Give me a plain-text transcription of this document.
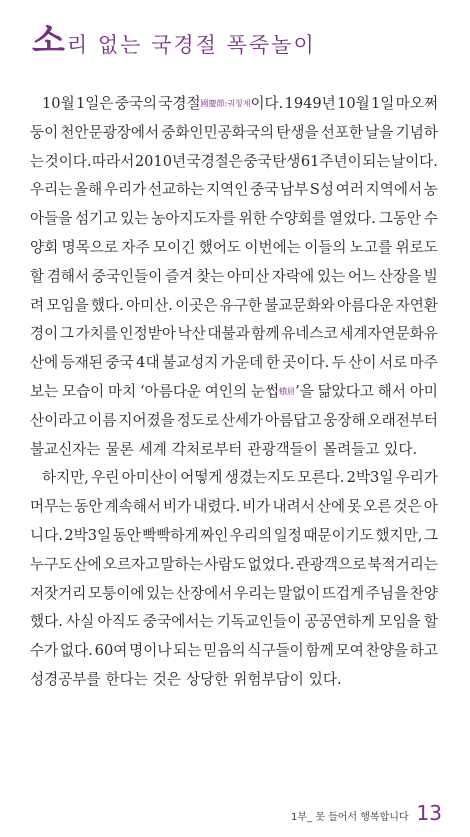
소 리 없는 국경절 폭죽놀이
10월 1일은 중국의 국경절$^{國慶節:궈칭제}$이다. 1949년 10월 1일 마오쩌
둥이 천안문광장에서 중화인민공화국의 탄생을 선포한 날을 기념하
는 것이다. 따라서 2010년 국경절은 중국 탄생 61주년이 되는 날이다.
우리는 올해 우리가 선교하는 지역인 중국 남부 S성 여러 지역에서 농
아들을 섬기고 있는 농아지도자를 위한 수양회를 열었다. 그동안 수
양회 명목으로 자주 모이긴 했어도 이번에는 이들의 노고를 위로도
할 겸해서 중국인들이 즐겨 찾는 아미산 자락에 있는 어느 산장을 빌
려 모임을 했다. 아미산. 이곳은 유구한 불교문화와 아름다운 자연환
경이 그 가치를 인정받아 낙산 대불과 함께 유네스코 세계자연문화유
산에 등재된 중국 4대 불교성지 가운데 한 곳이다. 두 산이 서로 마주
보는 모습이 마치 ‘아름다운 여인의 눈썹$^{蛾眉}$’을 닮았다고 해서 아미
산이라고 이름 지어졌을 정도로 산세가 아름답고 웅장해 오래전부터
불교신자는 물론 세계 각처로부터 관광객들이 몰려들고 있다.
하지만, 우린 아미산이 어떻게 생겼는지도 모른다. 2박3일 우리가
머무는 동안 계속해서 비가 내렸다. 비가 내려서 산에 못 오른 것은 아
니다. 2박3일 동안 빡빡하게 짜인 우리의 일정 때문이기도 했지만, 그
누구도 산에 오르자고 말하는 사람도 없었다. 관광객으로 북적거리는
저잣거리 모퉁이에 있는 산장에서 우리는 말없이 뜨겁게 주님을 찬양
했다. 사실 아직도 중국에서는 기독교인들이 공공연하게 모임을 할
수가 없다. 60여 명이나 되는 믿음의 식구들이 함께 모여 찬양을 하고
성경공부를 한다는 것은 상당한 위험부담이 있다.
1부_ 못 들어서 행복합니다 13
